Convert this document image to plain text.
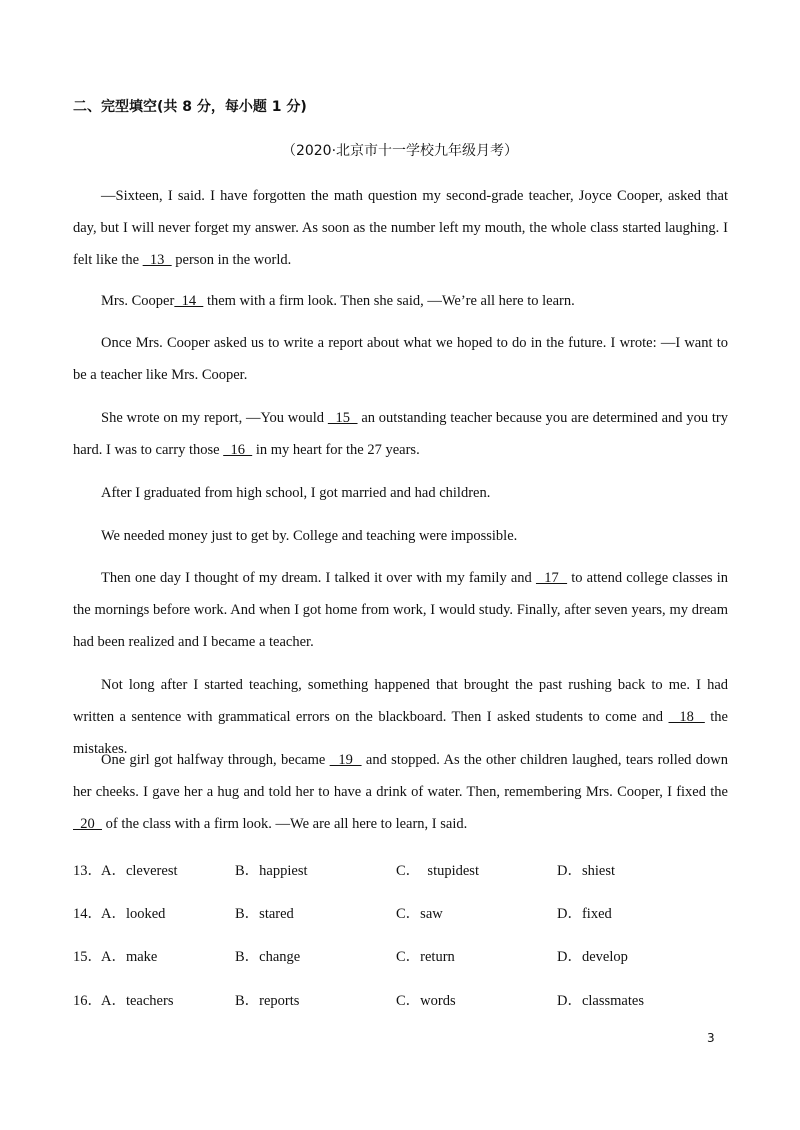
二、完型填空(共 8 分，每小题 1 分)
（2020·北京市十一学校九年级月考）
―Sixteen, I said. I have forgotten the math question my second-grade teacher, Joyce Cooper, asked that day, but I will never forget my answer. As soon as the number left my mouth, the whole class started laughing. I felt like the   13   person in the world.
Mrs. Cooper  14   them with a firm look. Then she said, ―We’re all here to learn.
Once Mrs. Cooper asked us to write a report about what we hoped to do in the future. I wrote: ―I want to be a teacher like Mrs. Cooper.
She wrote on my report, ―You would   15   an outstanding teacher because you are determined and you try hard. I was to carry those   16   in my heart for the 27 years.
After I graduated from high school, I got married and had children.
We needed money just to get by. College and teaching were impossible.
Then one day I thought of my dream. I talked it over with my family and   17   to attend college classes in the mornings before work. And when I got home from work, I would study. Finally, after seven years, my dream had been realized and I became a teacher.
Not long after I started teaching, something happened that brought the past rushing back to me. I had written a sentence with grammatical errors on the blackboard. Then I asked students to come and   18   the mistakes.
One girl got halfway through, became   19   and stopped. As the other children laughed, tears rolled down her cheeks. I gave her a hug and told her to have a drink of water. Then, remembering Mrs. Cooper, I fixed the   20   of the class with a firm look. ―We are all here to learn, I said.
13． A．cleverest	B．happiest	C．  stupidest	D．shiest
14． A．looked	B．stared	C．saw	D．fixed
15． A．make	B．change	C．return	D．develop
16． A．teachers	B．reports	C．words	D．classmates
3
